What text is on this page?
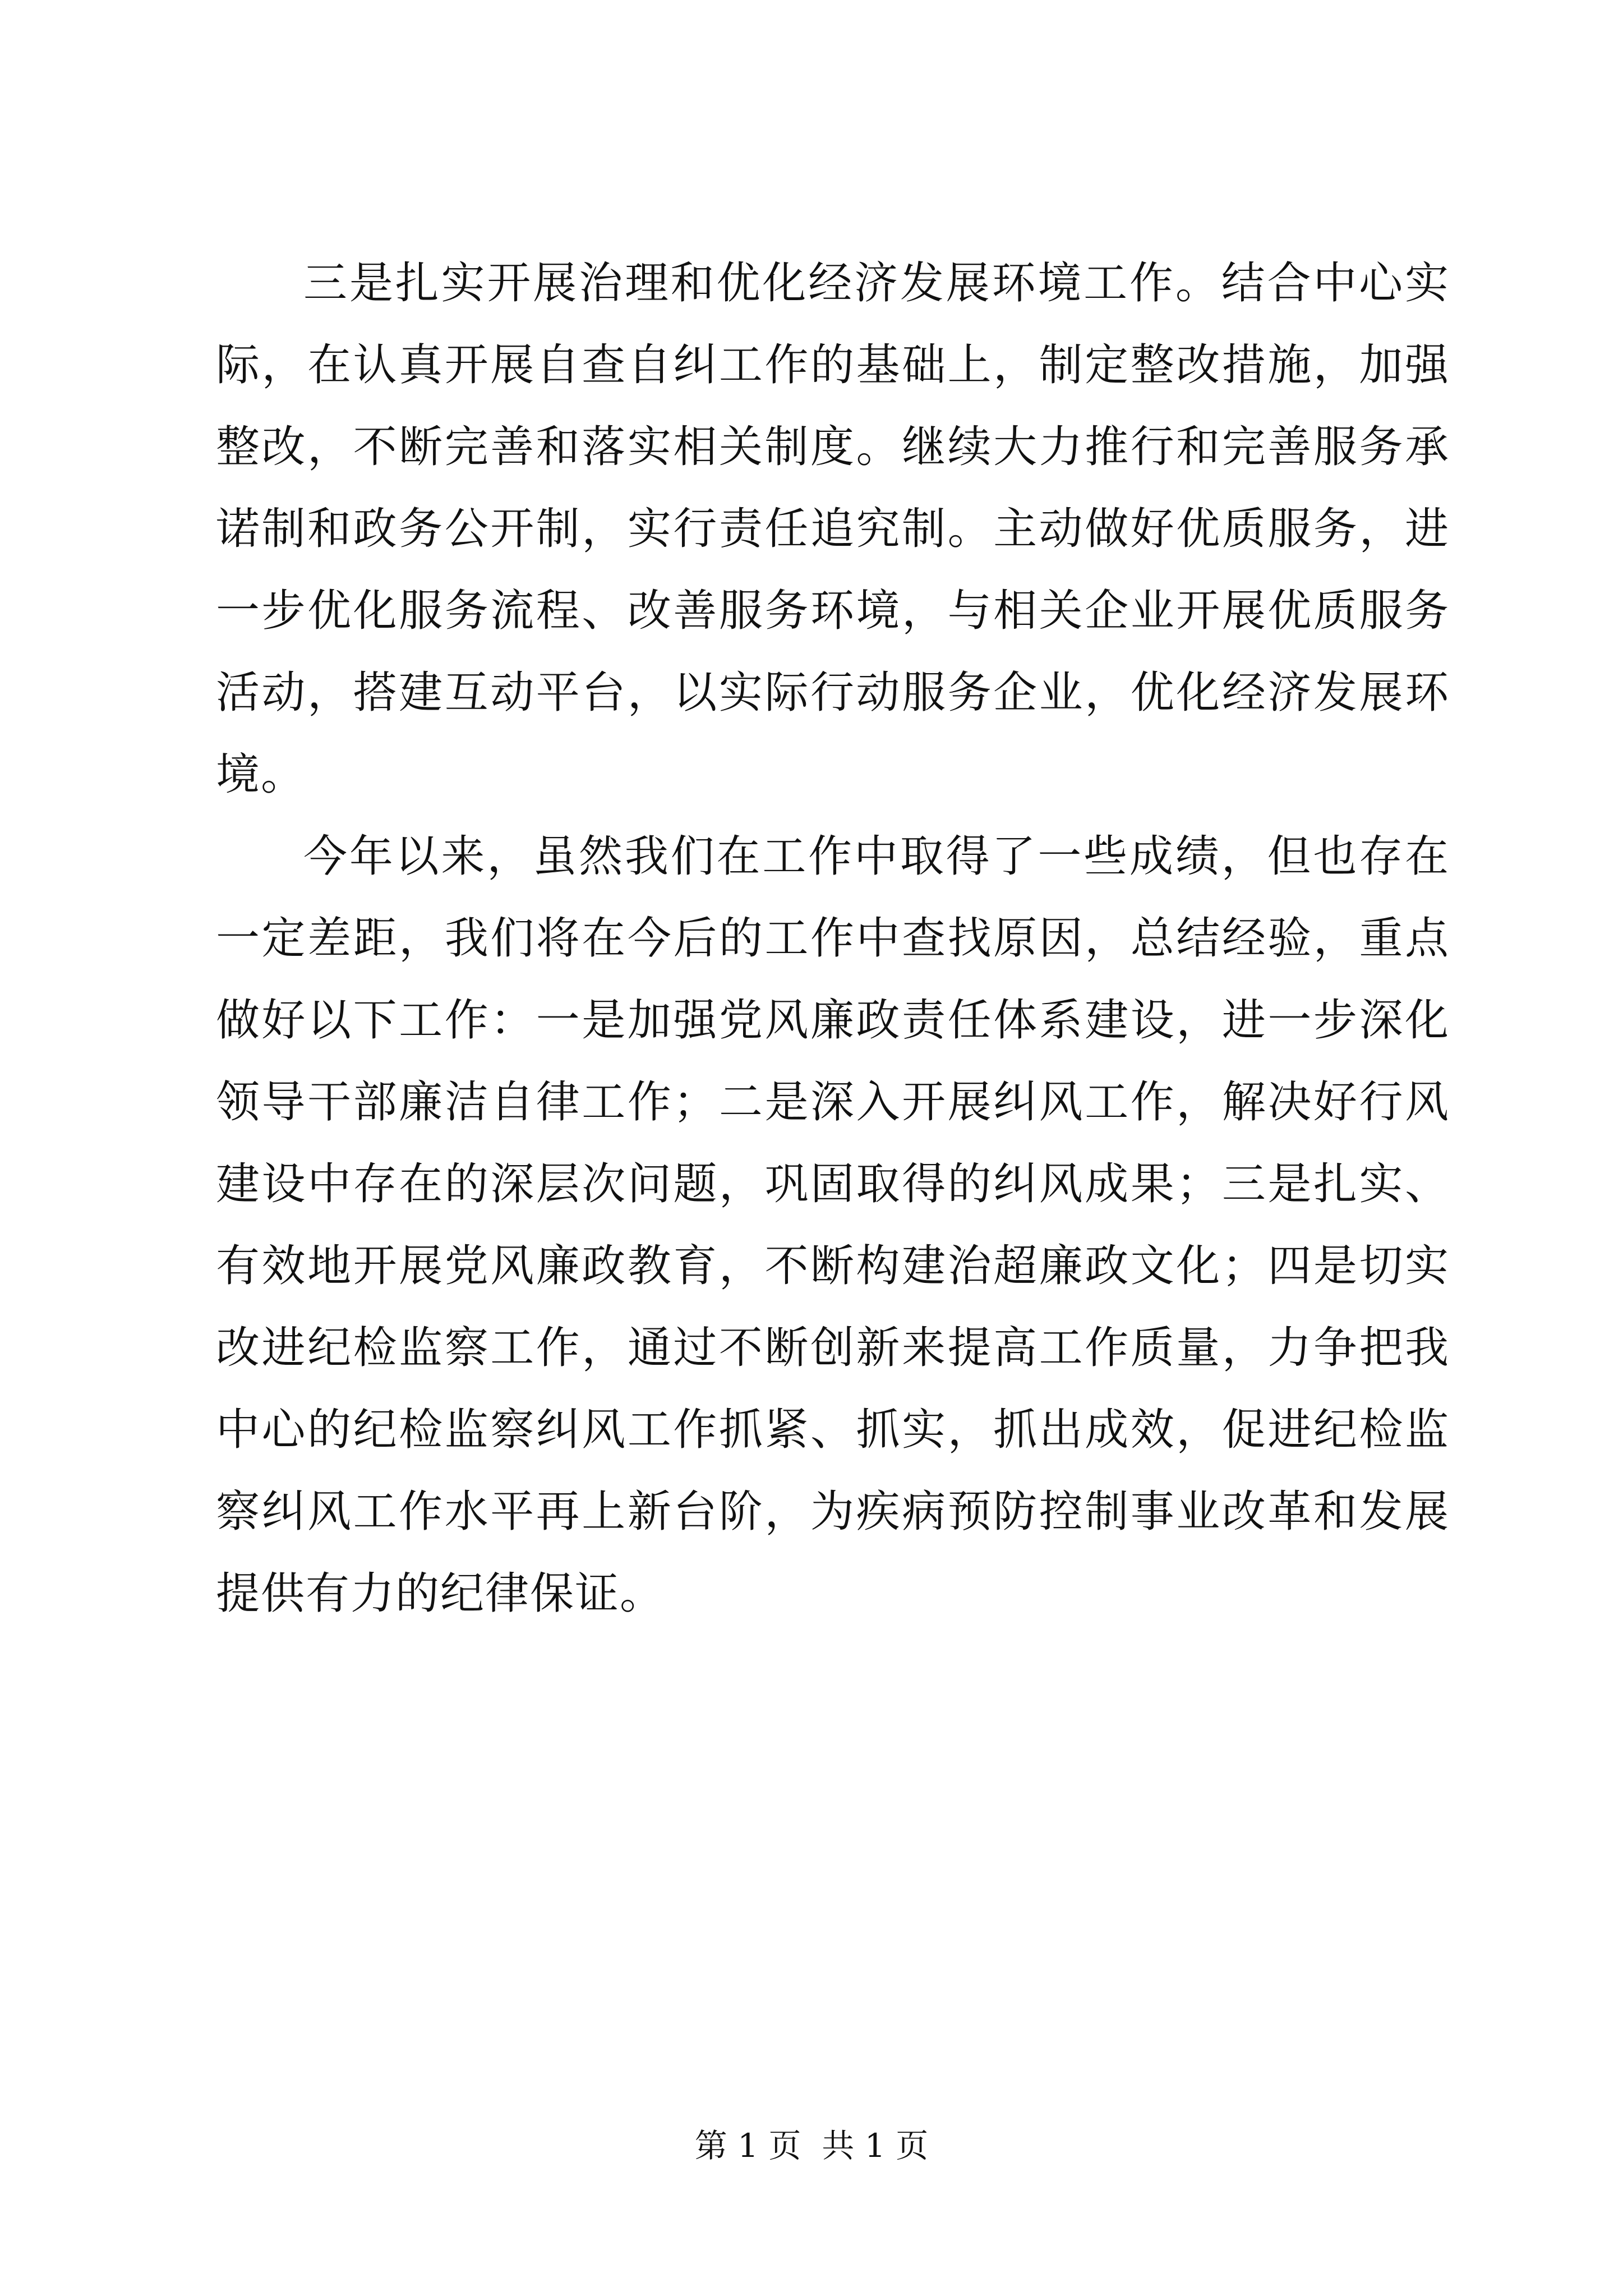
三是扎实开展治理和优化经济发展环境工作。结合中心实际，在认真开展自查自纠工作的基础上，制定整改措施，加强整改，不断完善和落实相关制度。继续大力推行和完善服务承诺制和政务公开制，实行责任追究制。主动做好优质服务，进一步优化服务流程、改善服务环境，与相关企业开展优质服务活动，搭建互动平台，以实际行动服务企业，优化经济发展环境。

今年以来，虽然我们在工作中取得了一些成绩，但也存在一定差距，我们将在今后的工作中查找原因，总结经验，重点做好以下工作：一是加强党风廉政责任体系建设，进一步深化领导干部廉洁自律工作；二是深入开展纠风工作，解决好行风建设中存在的深层次问题，巩固取得的纠风成果；三是扎实、有效地开展党风廉政教育，不断构建治超廉政文化；四是切实改进纪检监察工作，通过不断创新来提高工作质量，力争把我中心的纪检监察纠风工作抓紧、抓实，抓出成效，促进纪检监察纠风工作水平再上新台阶，为疾病预防控制事业改革和发展提供有力的纪律保证。

第 1 页  共 1 页
